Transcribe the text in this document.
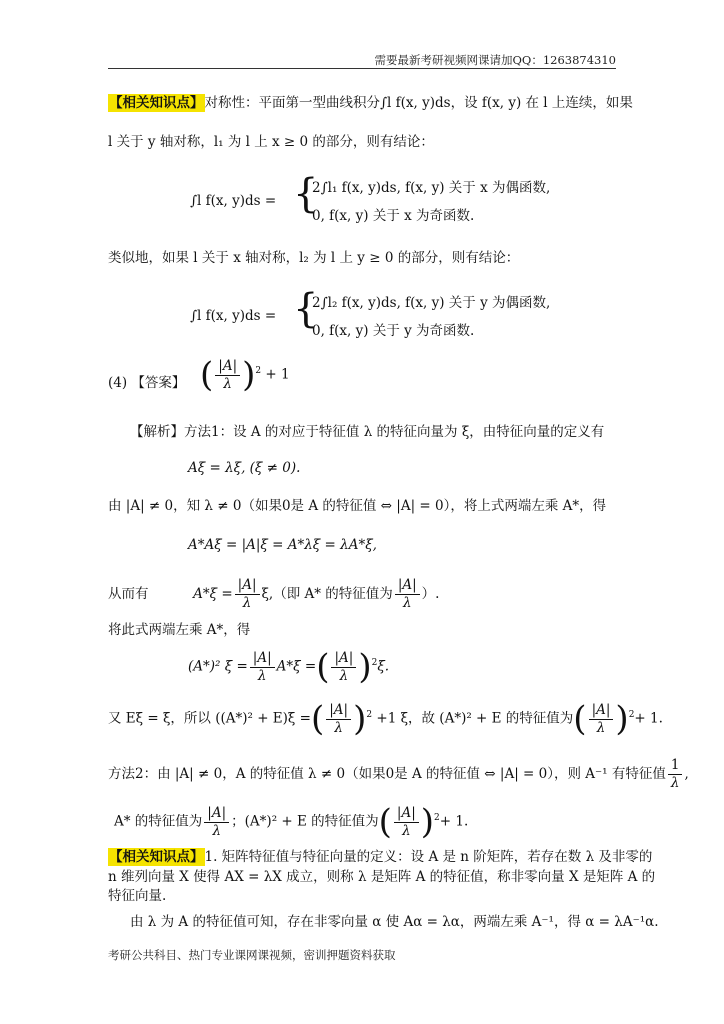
需要最新考研视频网课请加QQ：1263874310
【相关知识点】对称性：平面第一型曲线积分∫l f(x, y)ds，设 f(x, y) 在 l 上连续，如果
l 关于 y 轴对称，l₁ 为 l 上 x ≥ 0 的部分，则有结论：
∫l f(x, y)ds = {
2∫l₁ f(x, y)ds, f(x, y) 关于 x 为偶函数,
0, f(x, y) 关于 x 为奇函数.
类似地，如果 l 关于 x 轴对称，l₂ 为 l 上 y ≥ 0 的部分，则有结论：
∫l f(x, y)ds = {
2∫l₂ f(x, y)ds, f(x, y) 关于 y 为偶函数,
0, f(x, y) 关于 y 为奇函数.
(4) 【答案】 ( $\frac{|A|}{\lambda} )^2 + 1$
【解析】方法1：设 A 的对应于特征值 λ 的特征向量为 ξ，由特征向量的定义有
Aξ = λξ, (ξ ≠ 0).
由 |A| ≠ 0，知 λ ≠ 0（如果0是 A 的特征值 ⇔ |A| = 0），将上式两端左乘 A*，得
A*Aξ = |A|ξ = A*λξ = λA*ξ,
从而有	$A*\xi = \frac{|A|}{\lambda} \xi$,（即 A* 的特征值为 $\frac{|A|}{\lambda}$ ）.
将此式两端左乘 A*，得
(A*)² $\xi = \frac{|A|}{\lambda} A*\xi$ =( $\frac{|A|}{\lambda} )^2\xi$.
又 Eξ = ξ，所以 ((A*)² + E)ξ =( $\frac{|A|}{\lambda} )^2 +1$ ξ，故 (A*)² + E 的特征值为( $\frac{|A|}{\lambda} )^2+ 1$.
方法2：由 |A| ≠ 0，A 的特征值 λ ≠ 0（如果0是 A 的特征值 ⇔ |A| = 0），则 A⁻¹ 有特征值 $\frac{1}{\lambda}$ ,
A* 的特征值为 $\frac{|A|}{\lambda}$ ；(A*)² + E 的特征值为( $\frac{|A|}{\lambda} )^2+ 1$.
【相关知识点】1. 矩阵特征值与特征向量的定义：设 A 是 n 阶矩阵，若存在数 λ 及非零的
n 维列向量 X 使得 AX = λX 成立，则称 λ 是矩阵 A 的特征值，称非零向量 X 是矩阵 A 的
特征向量.
由 λ 为 A 的特征值可知，存在非零向量 α 使 Aα = λα，两端左乘 A⁻¹，得 α = λA⁻¹α.
考研公共科目、热门专业课网课视频，密训押题资料获取
